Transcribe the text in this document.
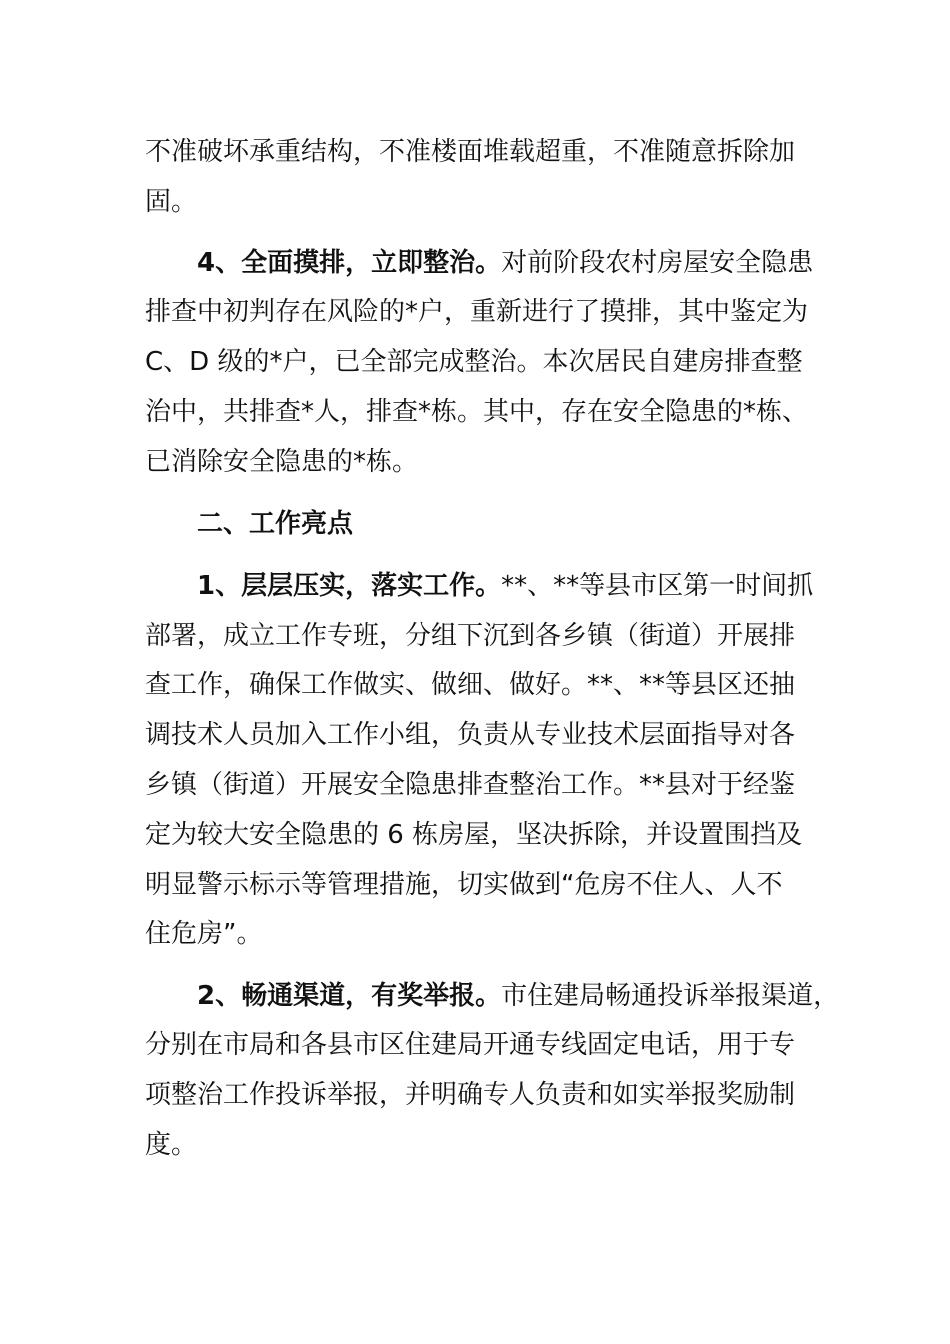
不准破坏承重结构，不准楼面堆载超重，不准随意拆除加
固。
4、全面摸排，立即整治。对前阶段农村房屋安全隐患
排查中初判存在风险的*户，重新进行了摸排，其中鉴定为
C、D 级的*户，已全部完成整治。本次居民自建房排查整
治中，共排查*人，排查*栋。其中，存在安全隐患的*栋、
已消除安全隐患的*栋。
二、工作亮点
1、层层压实，落实工作。**、**等县市区第一时间抓
部署，成立工作专班，分组下沉到各乡镇（街道）开展排
查工作，确保工作做实、做细、做好。**、**等县区还抽
调技术人员加入工作小组，负责从专业技术层面指导对各
乡镇（街道）开展安全隐患排查整治工作。**县对于经鉴
定为较大安全隐患的 6 栋房屋，坚决拆除，并设置围挡及
明显警示标示等管理措施，切实做到“危房不住人、人不
住危房”。
2、畅通渠道，有奖举报。市住建局畅通投诉举报渠道，
分别在市局和各县市区住建局开通专线固定电话，用于专
项整治工作投诉举报，并明确专人负责和如实举报奖励制
度。
